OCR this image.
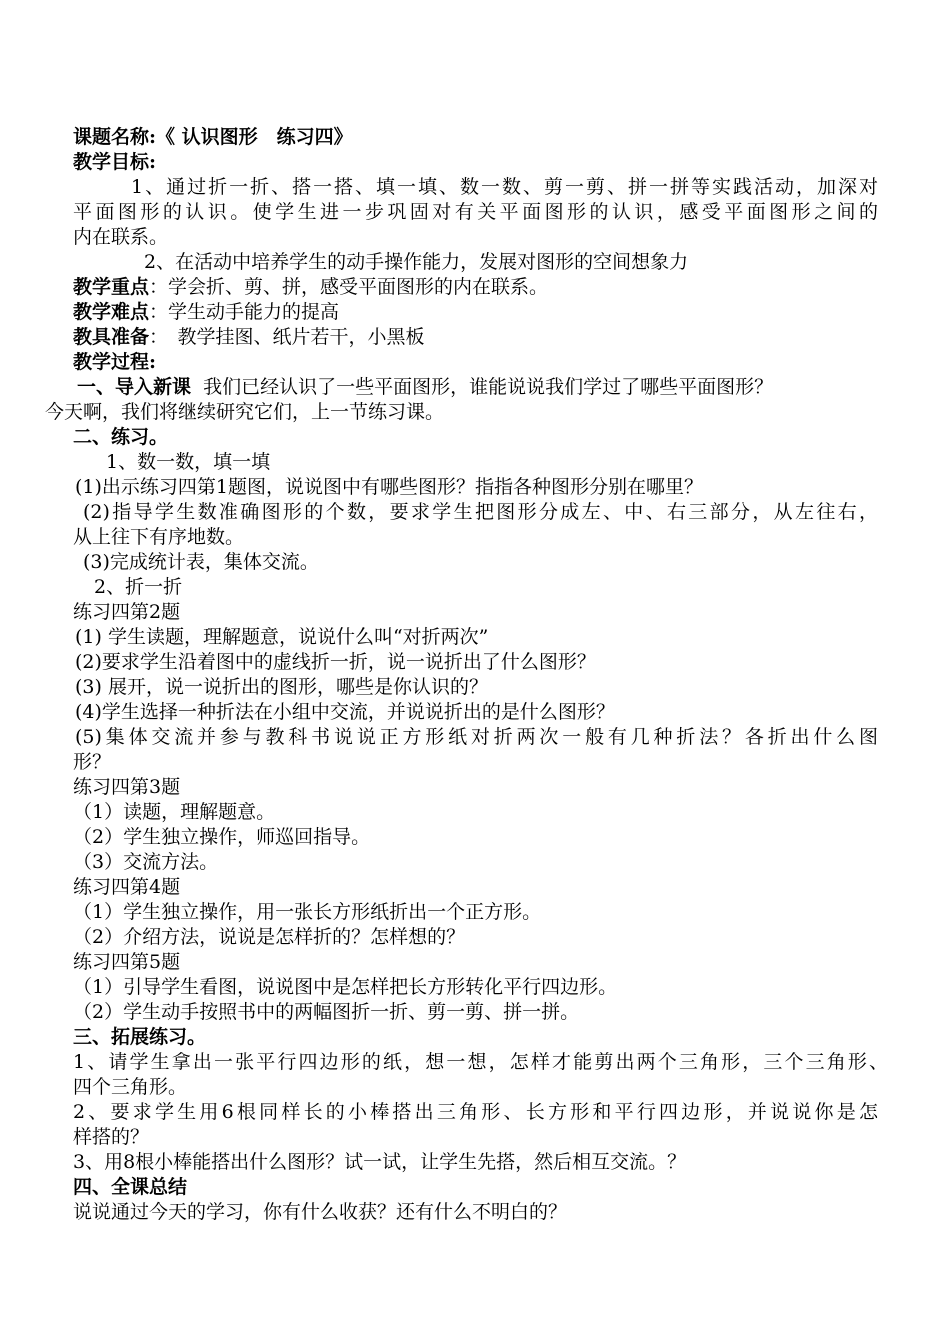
课题名称:《 认识图形　练习四》
教学目标:
1、通过折一折、搭一搭、填一填、数一数、剪一剪、拼一拼等实践活动，加深对
平面图形的认识。使学生进一步巩固对有关平面图形的认识，感受平面图形之间的
内在联系。
2、在活动中培养学生的动手操作能力，发展对图形的空间想象力
教学重点：学会折、剪、拼，感受平面图形的内在联系。
教学难点：学生动手能力的提高
教具准备：　教学挂图、纸片若干，小黑板
教学过程:
一、导入新课 我们已经认识了一些平面图形，谁能说说我们学过了哪些平面图形？
今天啊，我们将继续研究它们，上一节练习课。
二、练习。
1、数一数，填一填
(1)出示练习四第1题图，说说图中有哪些图形？指指各种图形分别在哪里？
(2)指导学生数准确图形的个数，要求学生把图形分成左、中、右三部分，从左往右，
从上往下有序地数。
(3)完成统计表，集体交流。
2、折一折
练习四第2题
(1) 学生读题，理解题意，说说什么叫“对折两次”
(2)要求学生沿着图中的虚线折一折，说一说折出了什么图形？
(3) 展开，说一说折出的图形，哪些是你认识的？
(4)学生选择一种折法在小组中交流，并说说折出的是什么图形？
(5)集体交流并参与教科书说说正方形纸对折两次一般有几种折法？各折出什么图
形？
练习四第3题
（1）读题，理解题意。
（2）学生独立操作，师巡回指导。
（3）交流方法。
练习四第4题
（1）学生独立操作，用一张长方形纸折出一个正方形。
（2）介绍方法，说说是怎样折的？怎样想的？
练习四第5题
（1）引导学生看图，说说图中是怎样把长方形转化平行四边形。
（2）学生动手按照书中的两幅图折一折、剪一剪、拼一拼。
三、拓展练习。
1、请学生拿出一张平行四边形的纸，想一想，怎样才能剪出两个三角形，三个三角形、
四个三角形。
2、要求学生用6根同样长的小棒搭出三角形、长方形和平行四边形，并说说你是怎
样搭的？
3、用8根小棒能搭出什么图形？试一试，让学生先搭，然后相互交流。？
四、全课总结
说说通过今天的学习，你有什么收获？还有什么不明白的？
